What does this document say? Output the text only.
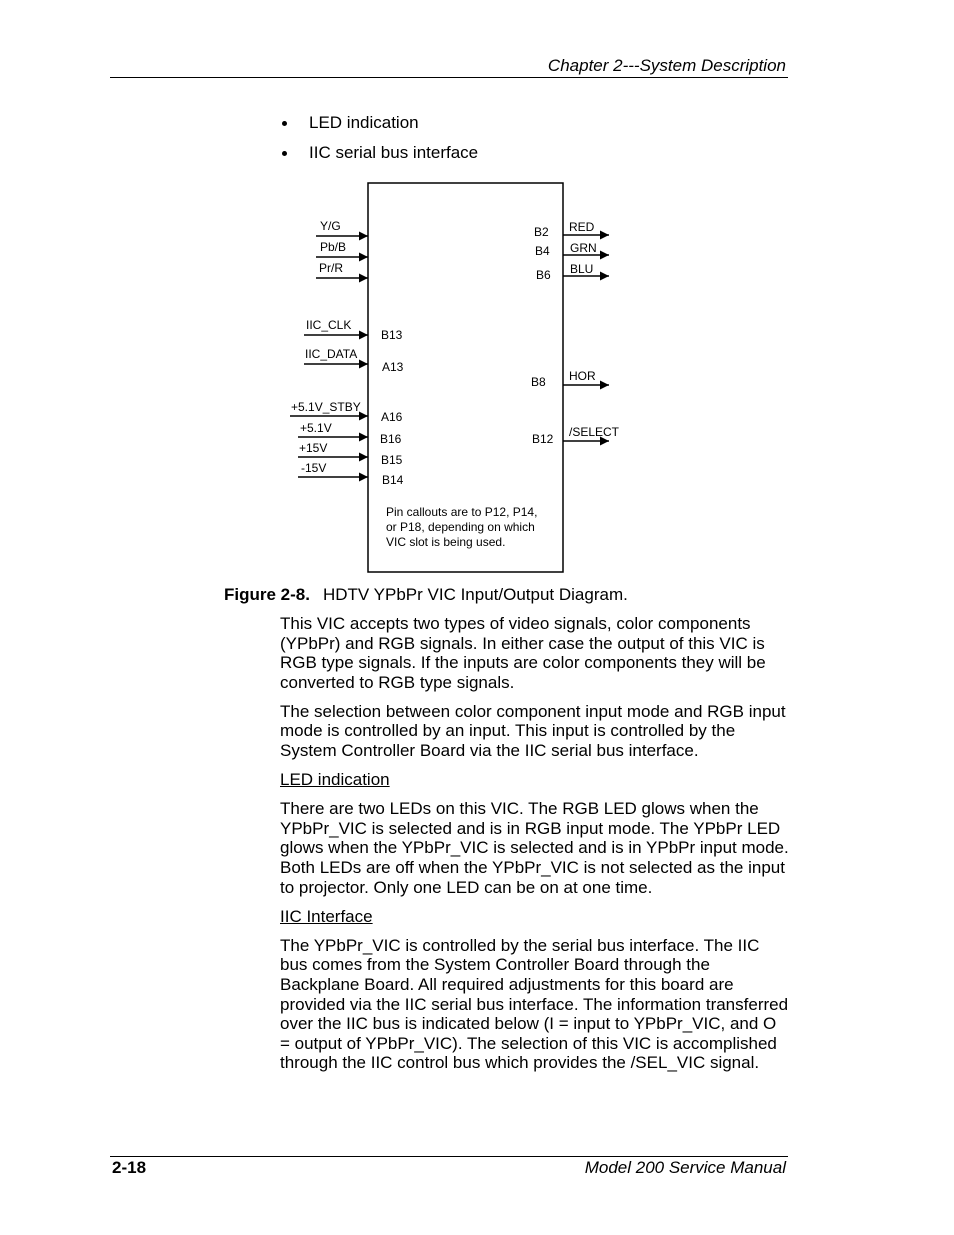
Chapter 2---System Description
LED indication
IIC serial bus interface
Y/G
Pb/B
Pr/R
IIC_CLK
IIC_DATA
+5.1V_STBY
+5.1V
+15V
-15V
B13
A13
A16
B16
B15
B14
B2
B4
B6
B8
B12
RED
GRN
BLU
HOR
/SELECT
Pin callouts are to P12, P14,
or P18, depending on which
VIC slot is being used.
Figure 2-8. HDTV YPbPr VIC Input/Output Diagram.

This VIC accepts two types of video signals, color components (YPbPr) and RGB signals. In either case the output of this VIC is RGB type signals. If the inputs are color components they will be converted to RGB type signals.

The selection between color component input mode and RGB input mode is controlled by an input. This input is controlled by the System Controller Board via the IIC serial bus interface.

LED indication

There are two LEDs on this VIC. The RGB LED glows when the YPbPr_VIC is selected and is in RGB input mode. The YPbPr LED glows when the YPbPr_VIC is selected and is in YPbPr input mode. Both LEDs are off when the YPbPr_VIC is not selected as the input to projector. Only one LED can be on at one time.

IIC Interface

The YPbPr_VIC is controlled by the serial bus interface. The IIC bus comes from the System Controller Board through the Backplane Board. All required adjustments for this board are provided via the IIC serial bus interface. The information transferred over the IIC bus is indicated below (I = input to YPbPr_VIC, and O = output of YPbPr_VIC). The selection of this VIC is accomplished through the IIC control bus which provides the /SEL_VIC signal.

2-18	Model 200 Service Manual
